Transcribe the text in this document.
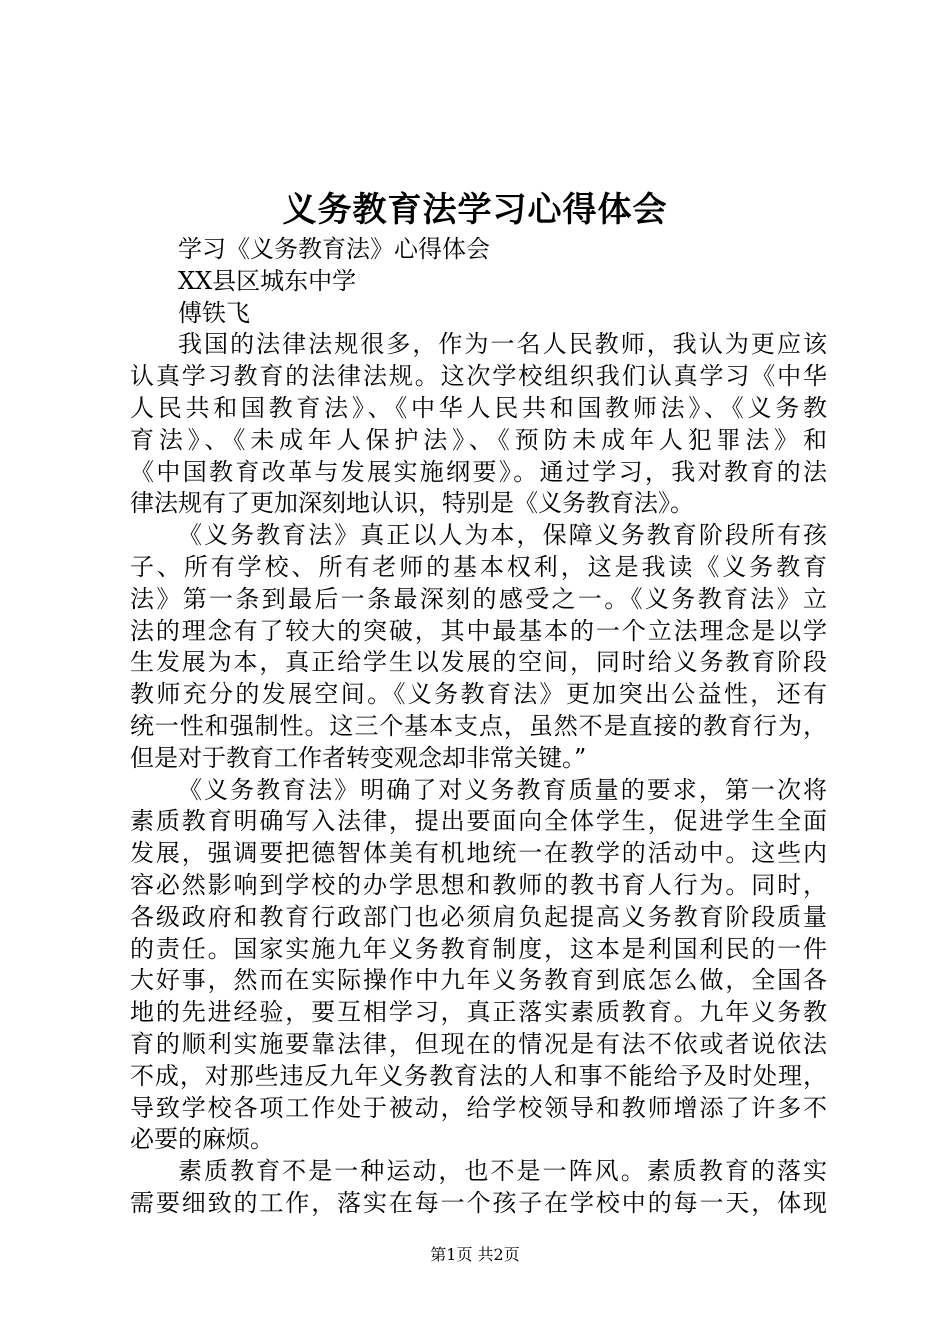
义务教育法学习心得体会
学习《义务教育法》心得体会
XX县区城东中学
傅铁飞
我国的法律法规很多，作为一名人民教师，我认为更应该
认真学习教育的法律法规。这次学校组织我们认真学习《中华
人民共和国教育法》、《中华人民共和国教师法》、《义务教
育法》、《未成年人保护法》、《预防未成年人犯罪法》和
《中国教育改革与发展实施纲要》。通过学习，我对教育的法
律法规有了更加深刻地认识，特别是《义务教育法》。
《义务教育法》真正以人为本，保障义务教育阶段所有孩
子、所有学校、所有老师的基本权利，这是我读《义务教育
法》第一条到最后一条最深刻的感受之一。《义务教育法》立
法的理念有了较大的突破，其中最基本的一个立法理念是以学
生发展为本，真正给学生以发展的空间，同时给义务教育阶段
教师充分的发展空间。《义务教育法》更加突出公益性，还有
统一性和强制性。这三个基本支点，虽然不是直接的教育行为，
但是对于教育工作者转变观念却非常关键。”
《义务教育法》明确了对义务教育质量的要求，第一次将
素质教育明确写入法律，提出要面向全体学生，促进学生全面
发展，强调要把德智体美有机地统一在教学的活动中。这些内
容必然影响到学校的办学思想和教师的教书育人行为。同时，
各级政府和教育行政部门也必须肩负起提高义务教育阶段质量
的责任。国家实施九年义务教育制度，这本是利国利民的一件
大好事，然而在实际操作中九年义务教育到底怎么做，全国各
地的先进经验，要互相学习，真正落实素质教育。九年义务教
育的顺利实施要靠法律，但现在的情况是有法不依或者说依法
不成，对那些违反九年义务教育法的人和事不能给予及时处理，
导致学校各项工作处于被动，给学校领导和教师增添了许多不
必要的麻烦。
素质教育不是一种运动，也不是一阵风。素质教育的落实
需要细致的工作，落实在每一个孩子在学校中的每一天，体现
第1页 共2页
